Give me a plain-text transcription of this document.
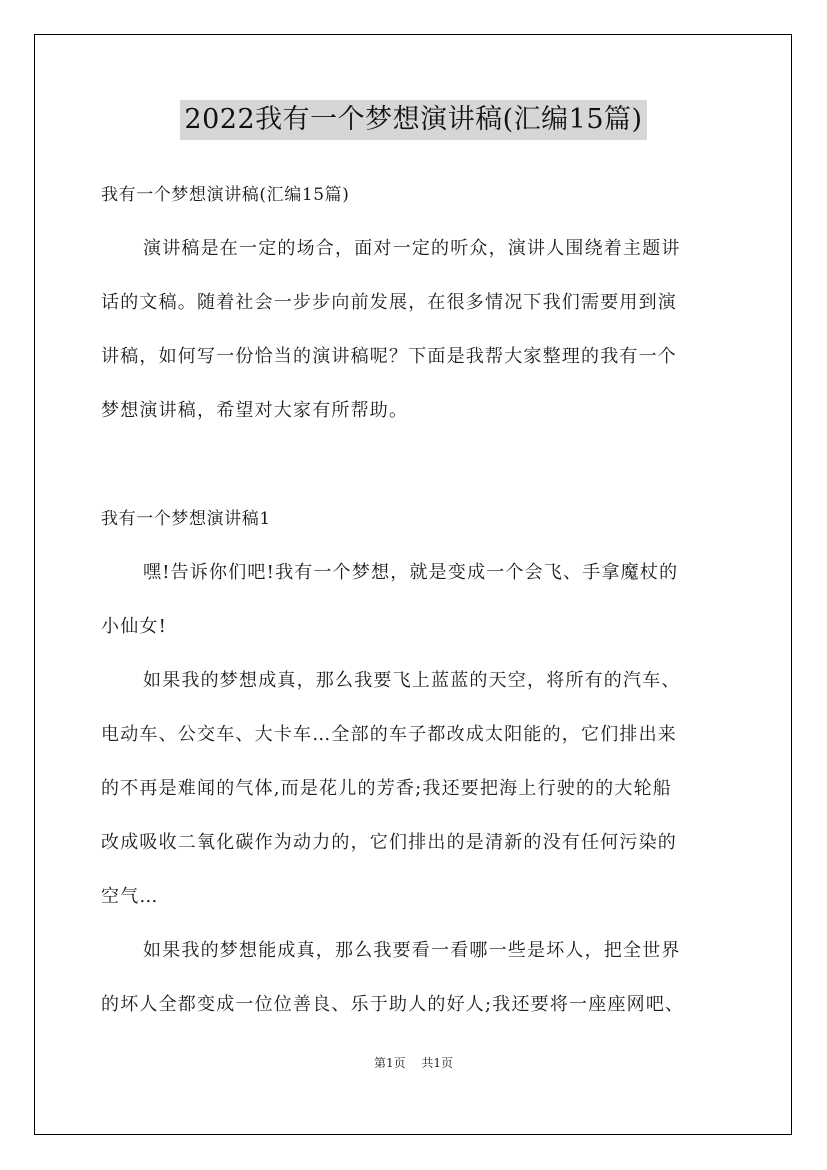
2022我有一个梦想演讲稿(汇编15篇)
我有一个梦想演讲稿(汇编15篇)
演讲稿是在一定的场合，面对一定的听众，演讲人围绕着主题讲
话的文稿。随着社会一步步向前发展，在很多情况下我们需要用到演
讲稿，如何写一份恰当的演讲稿呢？下面是我帮大家整理的我有一个
梦想演讲稿，希望对大家有所帮助。
我有一个梦想演讲稿1
嘿!告诉你们吧!我有一个梦想，就是变成一个会飞、手拿魔杖的
小仙女!
如果我的梦想成真，那么我要飞上蓝蓝的天空，将所有的汽车、
电动车、公交车、大卡车…全部的车子都改成太阳能的，它们排出来
的不再是难闻的气体,而是花儿的芳香;我还要把海上行驶的的大轮船
改成吸收二氧化碳作为动力的，它们排出的是清新的没有任何污染的
空气…
如果我的梦想能成真，那么我要看一看哪一些是坏人，把全世界
的坏人全都变成一位位善良、乐于助人的好人;我还要将一座座网吧、
第1页 共1页
